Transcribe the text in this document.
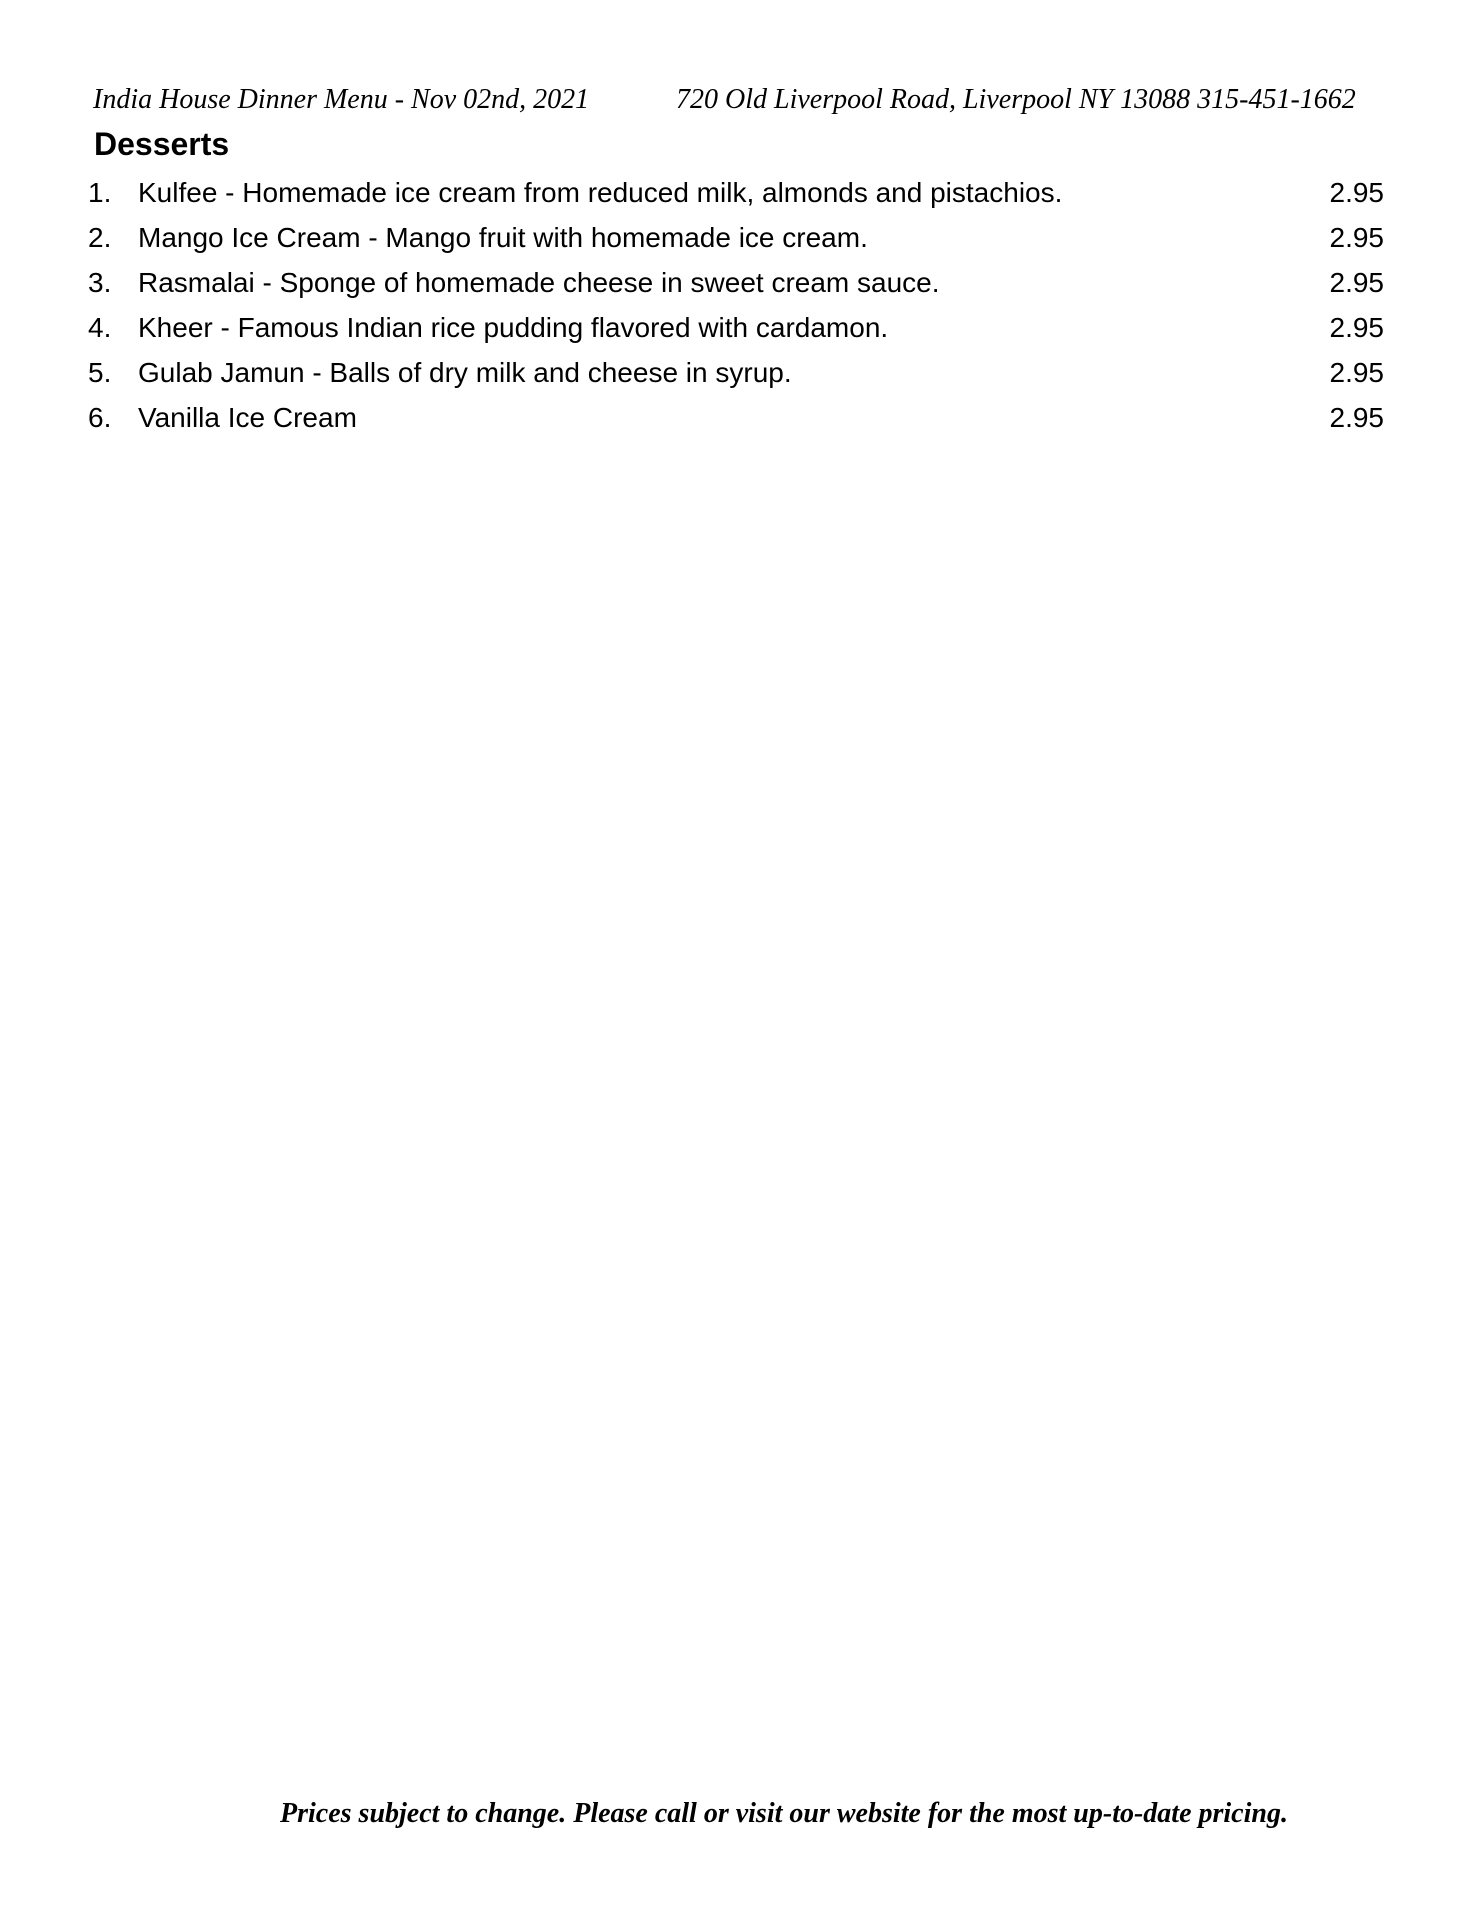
India House Dinner Menu - Nov 02nd, 2021	720 Old Liverpool Road, Liverpool NY 13088 315-451-1662
Desserts
1. Kulfee - Homemade ice cream from reduced milk, almonds and pistachios.	2.95
2. Mango Ice Cream - Mango fruit with homemade ice cream.	2.95
3. Rasmalai - Sponge of homemade cheese in sweet cream sauce.	2.95
4. Kheer - Famous Indian rice pudding flavored with cardamon.	2.95
5. Gulab Jamun - Balls of dry milk and cheese in syrup.	2.95
6. Vanilla Ice Cream	2.95
Prices subject to change. Please call or visit our website for the most up-to-date pricing.
